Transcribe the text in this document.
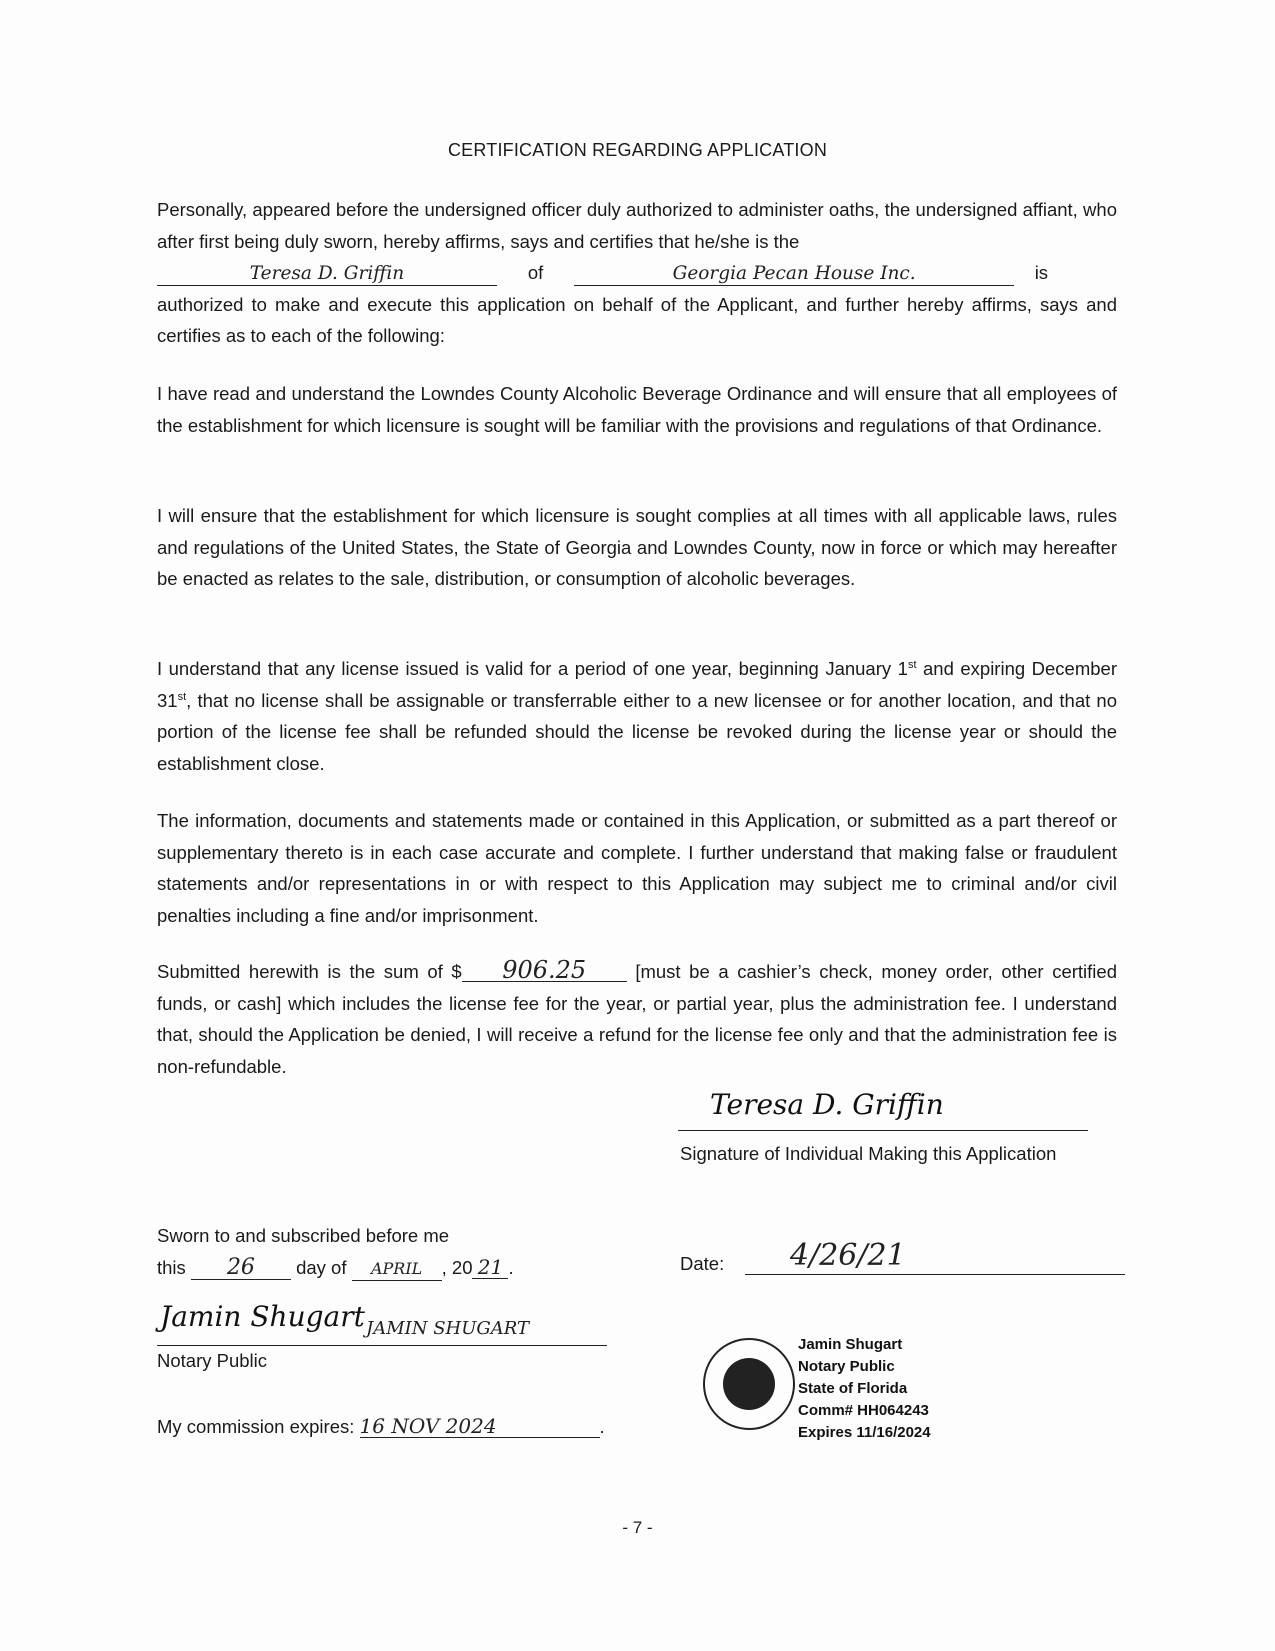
CERTIFICATION REGARDING APPLICATION
Personally, appeared before the undersigned officer duly authorized to administer oaths, the undersigned affiant, who after first being duly sworn, hereby affirms, says and certifies that he/she is the
Teresa D. Griffin	of	Georgia Pecan House Inc.	is
authorized to make and execute this application on behalf of the Applicant, and further hereby affirms, says and certifies as to each of the following:
I have read and understand the Lowndes County Alcoholic Beverage Ordinance and will ensure that all employees of the establishment for which licensure is sought will be familiar with the provisions and regulations of that Ordinance.
I will ensure that the establishment for which licensure is sought complies at all times with all applicable laws, rules and regulations of the United States, the State of Georgia and Lowndes County, now in force or which may hereafter be enacted as relates to the sale, distribution, or consumption of alcoholic beverages.
I understand that any license issued is valid for a period of one year, beginning January 1st and expiring December 31st, that no license shall be assignable or transferrable either to a new licensee or for another location, and that no portion of the license fee shall be refunded should the license be revoked during the license year or should the establishment close.
The information, documents and statements made or contained in this Application, or submitted as a part thereof or supplementary thereto is in each case accurate and complete. I further understand that making false or fraudulent statements and/or representations in or with respect to this Application may subject me to criminal and/or civil penalties including a fine and/or imprisonment.
Submitted herewith is the sum of $ 906.25 [must be a cashier’s check, money order, other certified funds, or cash] which includes the license fee for the year, or partial year, plus the administration fee. I understand that, should the Application be denied, I will receive a refund for the license fee only and that the administration fee is non-refundable.
Teresa D. Griffin
Signature of Individual Making this Application
Date: 4/26/21
Sworn to and subscribed before me
this 26 day of APRIL , 20 21 .
Jamin Shugart JAMIN SHUGART
Notary Public
My commission expires: 16 NOV 2024	.
Jamin Shugart
Notary Public
State of Florida
Comm# HH064243
Expires 11/16/2024
- 7 -
